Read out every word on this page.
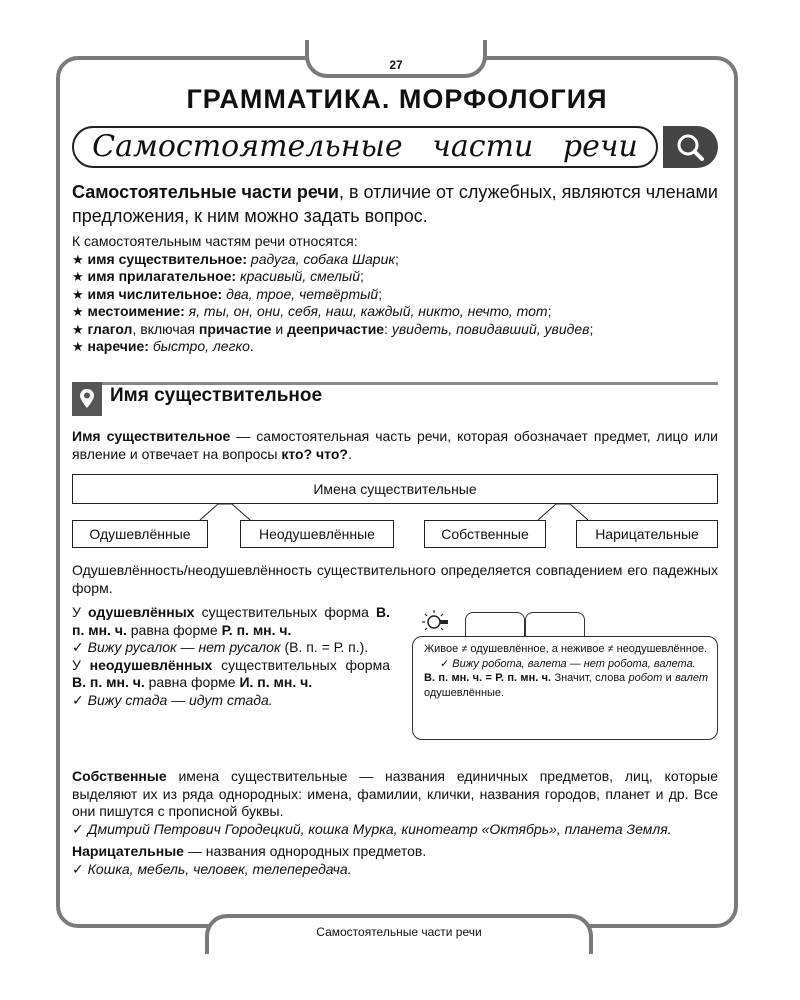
27
Самостоятельные части речи
ГРАММАТИКА. МОРФОЛОГИЯ
Самостоятельные части речи
Самостоятельные части речи, в отличие от служебных, являются членами предложения, к ним можно задать вопрос.

К самостоятельным частям речи относятся:

★ имя существительное: радуга, собака Шарик;

★ имя прилагательное: красивый, смелый;

★ имя числительное: два, трое, четвёртый;

★ местоимение: я, ты, он, они, себя, наш, каждый, никто, нечто, тот;

★ глагол, включая причастие и деепричастие: увидеть, повидавший, увидев;

★ наречие: быстро, легко.

Имя существительное
Имя существительное — самостоятельная часть речи, которая обозначает предмет, лицо или явление и отвечает на вопросы кто? что?.
Имена существительные
Одушевлённые	Неодушевлённые	Собственные	Нарицательные
Одушевлённость/неодушевлённость существительного определяется совпадением его падежных форм.

У одушевлённых существительных форма В. п. мн. ч. равна форме Р. п. мн. ч.

✓ Вижу русалок — нет русалок (В. п. = Р. п.).

У неодушевлённых существительных форма В. п. мн. ч. равна форме И. п. мн. ч.

✓ Вижу стада — идут стада.

Живое ≠ одушевлённое, а неживое ≠ неодушевлённое.

✓ Вижу робота, валета — нет робота, валета.

В. п. мн. ч. = Р. п. мн. ч. Значит, слова робот и валет одушевлённые.

Собственные имена существительные — названия единичных предметов, лиц, которые выделяют их из ряда однородных: имена, фамилии, клички, названия городов, планет и др. Все они пишутся с прописной буквы.

✓ Дмитрий Петрович Городецкий, кошка Мурка, кинотеатр «Октябрь», планета Земля.

Нарицательные — названия однородных предметов.

✓ Кошка, мебель, человек, телепередача.
